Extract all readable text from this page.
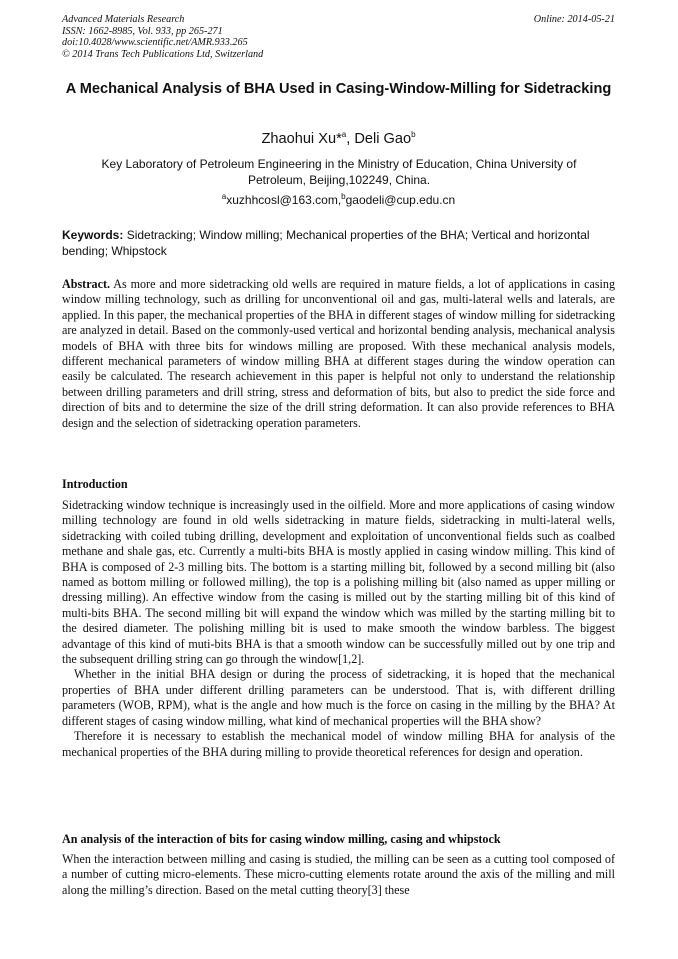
Advanced Materials Research
ISSN: 1662-8985, Vol. 933, pp 265-271
doi:10.4028/www.scientific.net/AMR.933.265
© 2014 Trans Tech Publications Ltd, Switzerland
Online: 2014-05-21
A Mechanical Analysis of BHA Used in Casing-Window-Milling for Sidetracking
Zhaohui Xu*$^a$, Deli Gao$^b$
Key Laboratory of Petroleum Engineering in the Ministry of Education, China University of Petroleum, Beijing,102249, China.
$^a$xuzhhcosl@163.com,$^b$gaodeli@cup.edu.cn
Keywords: Sidetracking; Window milling; Mechanical properties of the BHA; Vertical and horizontal bending; Whipstock
Abstract. As more and more sidetracking old wells are required in mature fields, a lot of applications in casing window milling technology, such as drilling for unconventional oil and gas, multi-lateral wells and laterals, are applied. In this paper, the mechanical properties of the BHA in different stages of window milling for sidetracking are analyzed in detail. Based on the commonly-used vertical and horizontal bending analysis, mechanical analysis models of BHA with three bits for windows milling are proposed. With these mechanical analysis models, different mechanical parameters of window milling BHA at different stages during the window operation can easily be calculated. The research achievement in this paper is helpful not only to understand the relationship between drilling parameters and drill string, stress and deformation of bits, but also to predict the side force and direction of bits and to determine the size of the drill string deformation. It can also provide references to BHA design and the selection of sidetracking operation parameters.
Introduction

Sidetracking window technique is increasingly used in the oilfield. More and more applications of casing window milling technology are found in old wells sidetracking in mature fields, sidetracking in multi-lateral wells, sidetracking with coiled tubing drilling, development and exploitation of unconventional fields such as coalbed methane and shale gas, etc. Currently a multi-bits BHA is mostly applied in casing window milling. This kind of BHA is composed of 2-3 milling bits. The bottom is a starting milling bit, followed by a second milling bit (also named as bottom milling or followed milling), the top is a polishing milling bit (also named as upper milling or dressing milling). An effective window from the casing is milled out by the starting milling bit of this kind of multi-bits BHA. The second milling bit will expand the window which was milled by the starting milling bit to the desired diameter. The polishing milling bit is used to make smooth the window barbless. The biggest advantage of this kind of muti-bits BHA is that a smooth window can be successfully milled out by one trip and the subsequent drilling string can go through the window[1,2].

Whether in the initial BHA design or during the process of sidetracking, it is hoped that the mechanical properties of BHA under different drilling parameters can be understood. That is, with different drilling parameters (WOB, RPM), what is the angle and how much is the force on casing in the milling by the BHA? At different stages of casing window milling, what kind of mechanical properties will the BHA show?

Therefore it is necessary to establish the mechanical model of window milling BHA for analysis of the mechanical properties of the BHA during milling to provide theoretical references for design and operation.

An analysis of the interaction of bits for casing window milling, casing and whipstock

When the interaction between milling and casing is studied, the milling can be seen as a cutting tool composed of a number of cutting micro-elements. These micro-cutting elements rotate around the axis of the milling and mill along the milling’s direction. Based on the metal cutting theory[3] these
